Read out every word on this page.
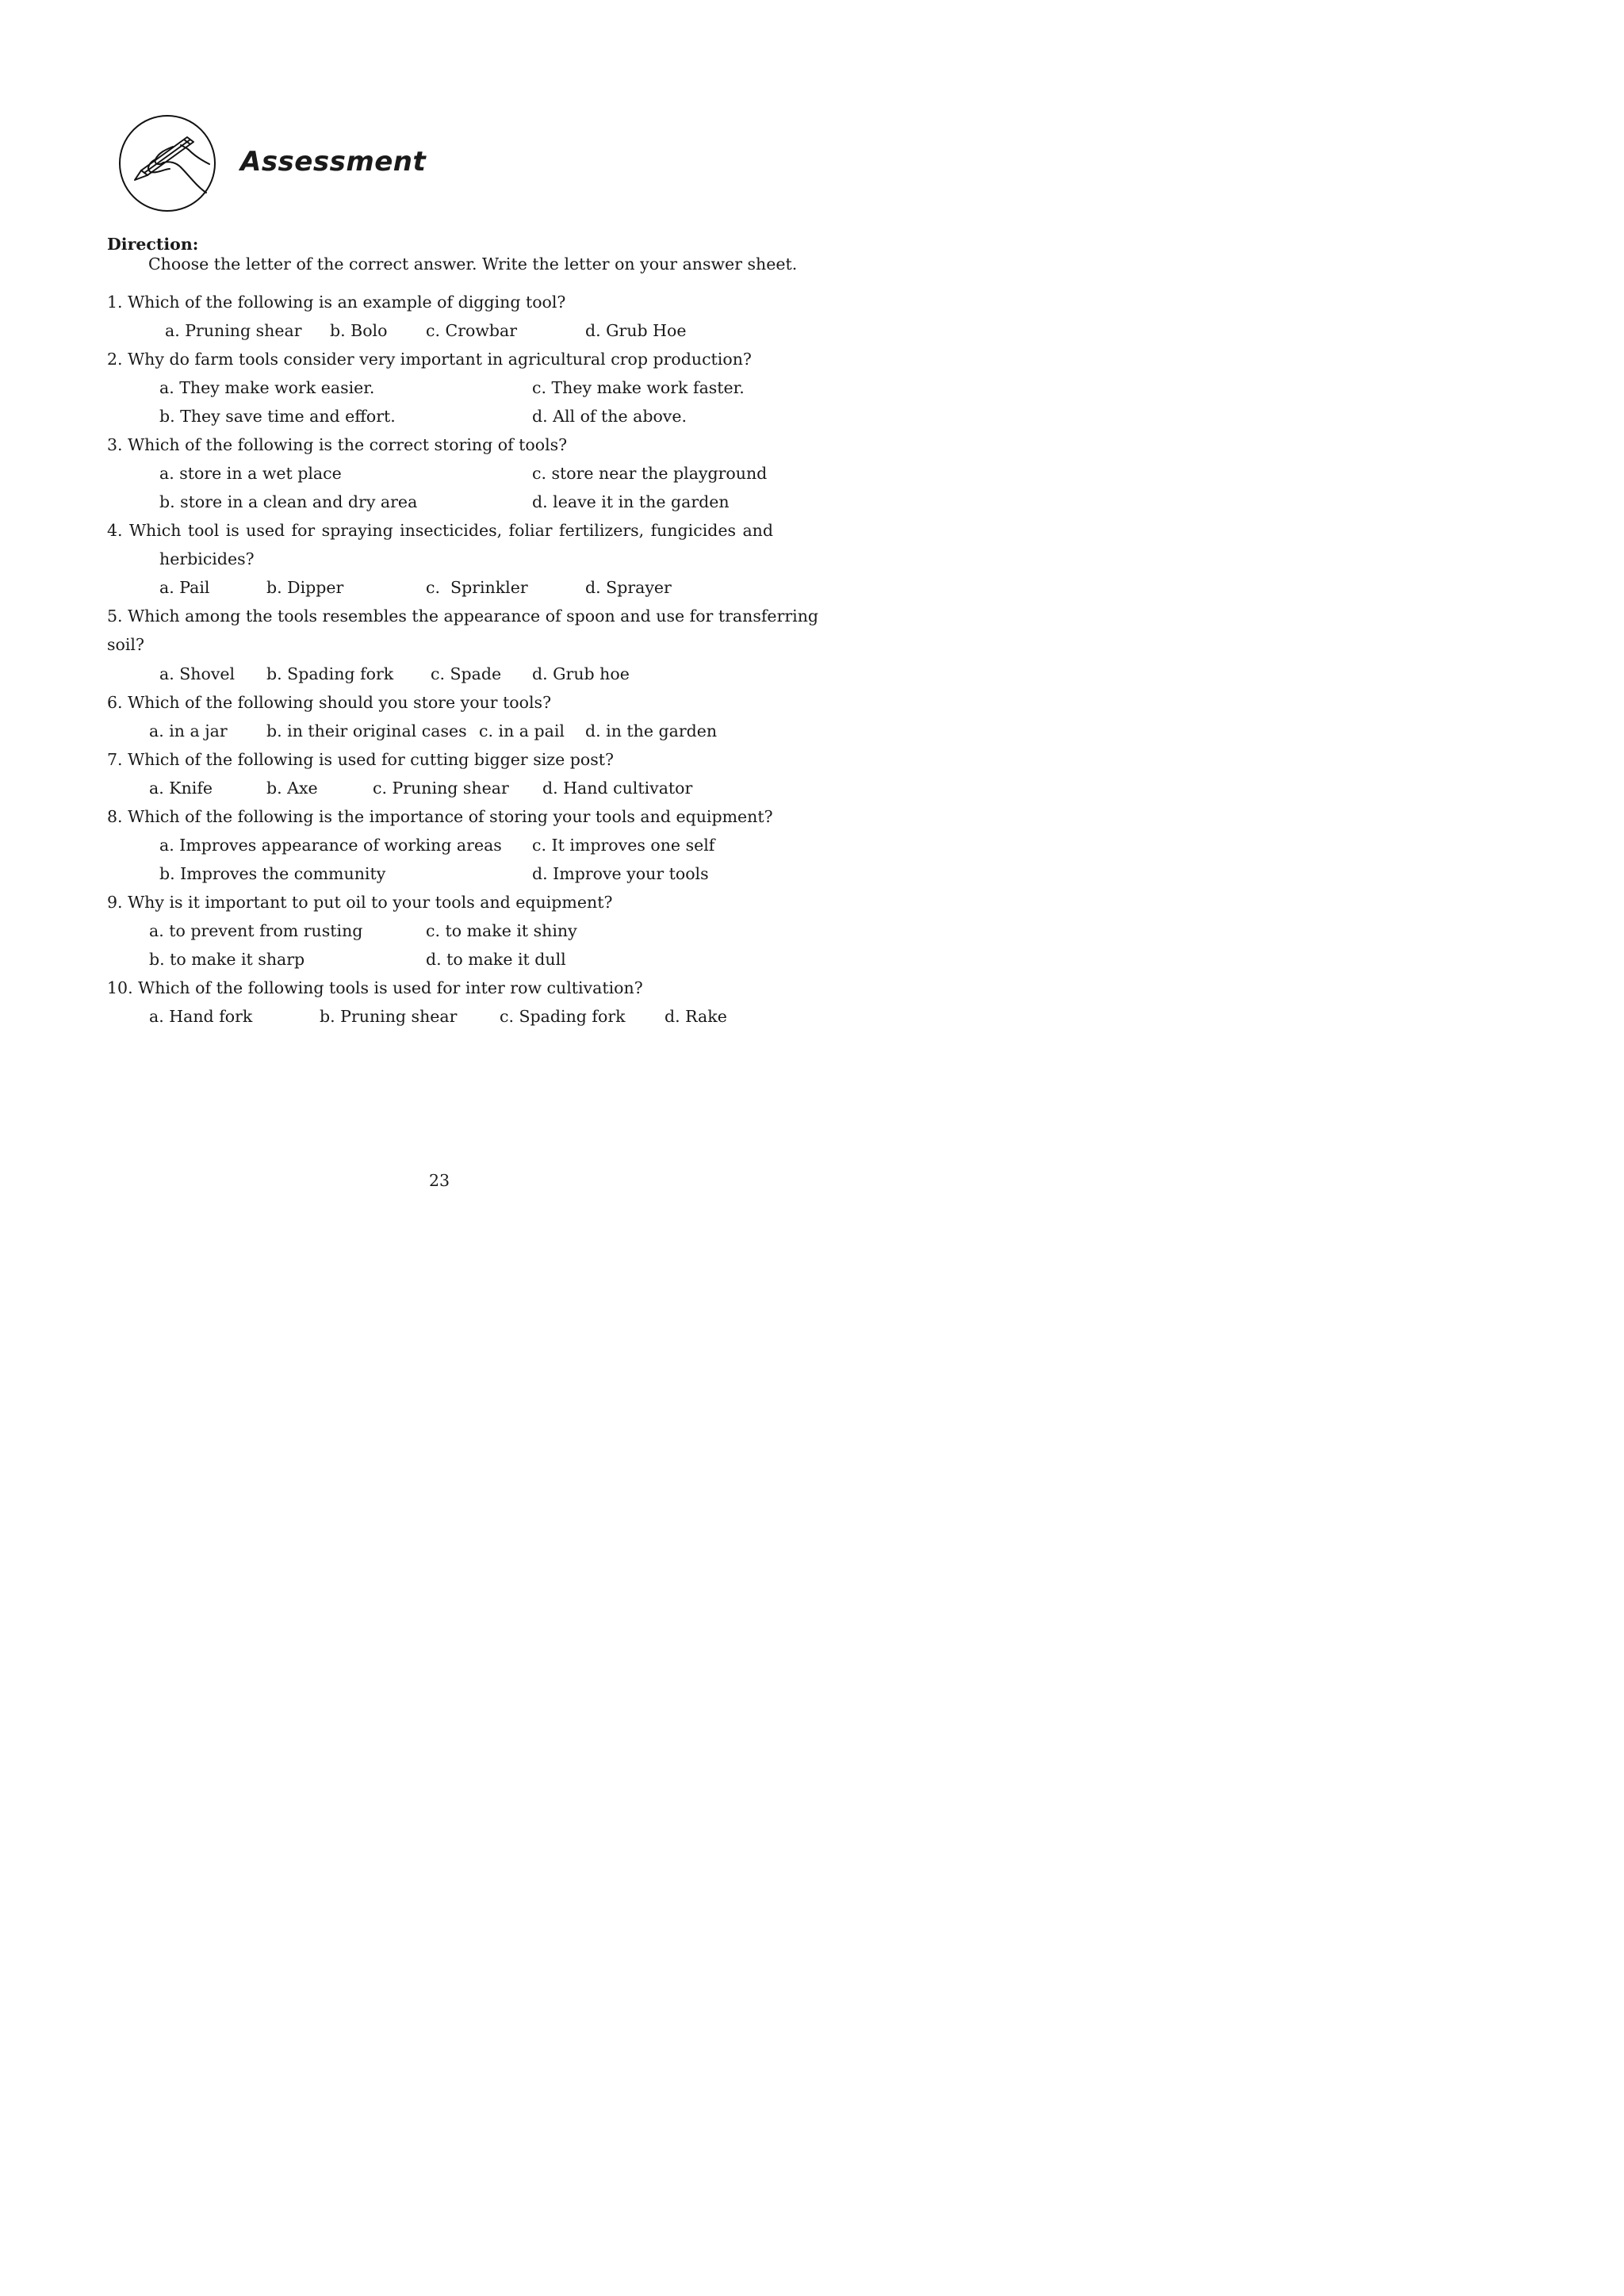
Assessment
Direction:
Choose the letter of the correct answer. Write the letter on your answer sheet.
1. Which of the following is an example of digging tool?
a. Pruning shear b. Bolo c. Crowbar	d. Grub Hoe
2. Why do farm tools consider very important in agricultural crop production?
a. They make work easier.	c. They make work faster.
b. They save time and effort.	d. All of the above.
3. Which of the following is the correct storing of tools?
a. store in a wet place	c. store near the playground
b. store in a clean and dry area	d. leave it in the garden
4. Which tool is used for spraying insecticides, foliar fertilizers, fungicides and
herbicides?
a. Pail	b. Dipper	c.  Sprinkler	d. Sprayer
5. Which among the tools resembles the appearance of spoon and use for transferring
soil?
a. Shovel b. Spading fork c. Spade d. Grub hoe
6. Which of the following should you store your tools?
a. in a jar b. in their original cases c. in a pail d. in the garden
7. Which of the following is used for cutting bigger size post?
a. Knife	b. Axe	c. Pruning shear d. Hand cultivator
8. Which of the following is the importance of storing your tools and equipment?
a. Improves appearance of working areas c. It improves one self
b. Improves the community	d. Improve your tools
9. Why is it important to put oil to your tools and equipment?
a. to prevent from rusting	c. to make it shiny
b. to make it sharp	d. to make it dull
10. Which of the following tools is used for inter row cultivation?
a. Hand fork	b. Pruning shear	c. Spading fork d. Rake
23
